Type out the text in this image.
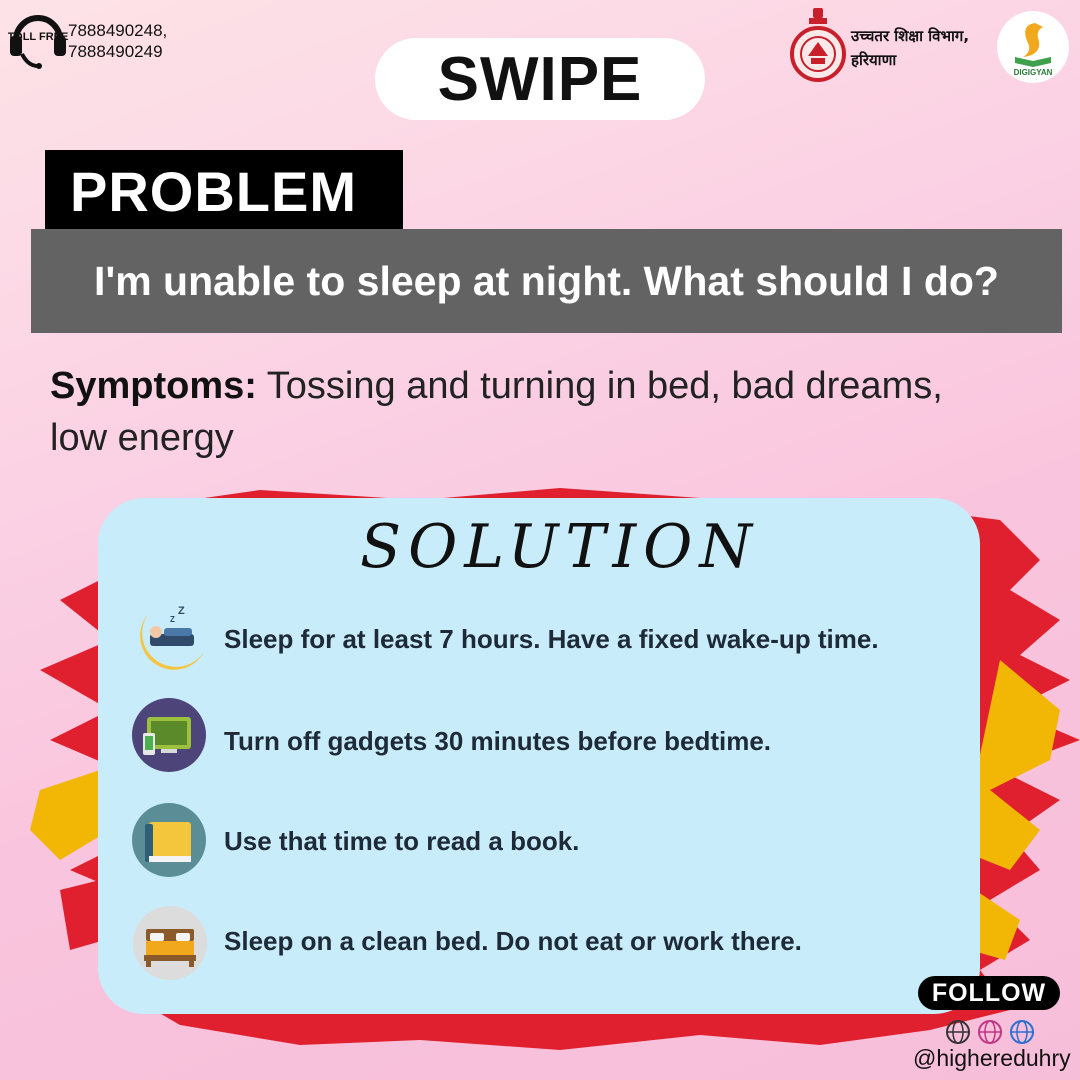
TOLL FREE 7888490248,
7888490249	SWIPE
उच्चतर शिक्षा विभाग,
हरियाणा
DIGIGYAN
PROBLEM
I'm unable to sleep at night. What should I do?
Symptoms: Tossing and turning in bed, bad dreams, low energy
SOLUTION
Z
Z
Sleep for at least 7 hours. Have a fixed wake-up time.
Turn off gadgets 30 minutes before bedtime.
Use that time to read a book.
Sleep on a clean bed. Do not eat or work there.
FOLLOW
@highereduhry
